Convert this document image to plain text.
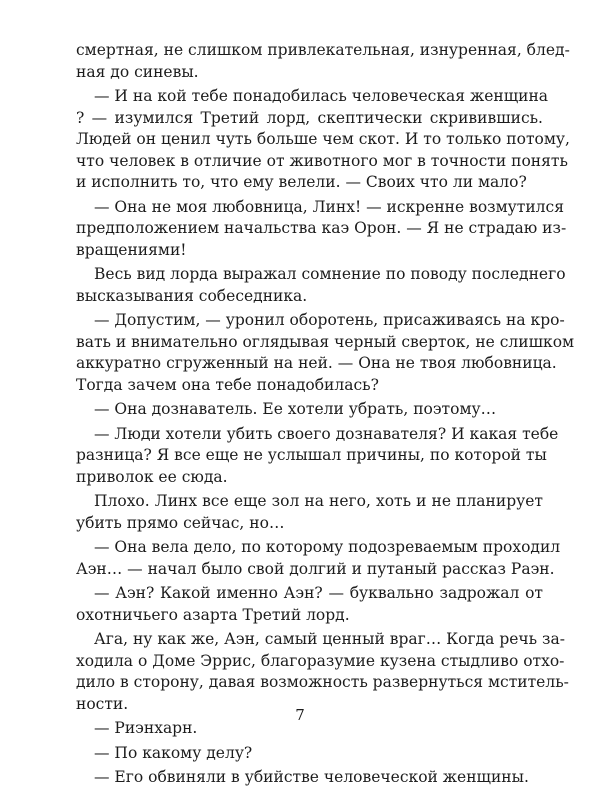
смертная, не слишком привлекательная, изнуренная, блед-
ная до синевы.
— И на кой тебе понадобилась человеческая женщина
? — изумился Третий лорд, скептически скривившись.
Людей он ценил чуть больше чем скот. И то только потому,
что человек в отличие от животного мог в точности понять
и исполнить то, что ему велели. — Своих что ли мало?
— Она не моя любовница, Линх! — искренне возмутился
предположением начальства каэ Орон. — Я не страдаю из-
вращениями!
Весь вид лорда выражал сомнение по поводу последнего
высказывания собеседника.
— Допустим, — уронил оборотень, присаживаясь на кро-
вать и внимательно оглядывая черный сверток, не слишком
аккуратно сгруженный на ней. — Она не твоя любовница.
Тогда зачем она тебе понадобилась?
— Она дознаватель. Ее хотели убрать, поэтому…
— Люди хотели убить своего дознавателя? И какая тебе
разница? Я все еще не услышал причины, по которой ты
приволок ее сюда.
Плохо. Линх все еще зол на него, хоть и не планирует
убить прямо сейчас, но…
— Она вела дело, по которому подозреваемым проходил
Аэн… — начал было свой долгий и путаный рассказ Раэн.
— Аэн? Какой именно Аэн? — буквально задрожал от
охотничьего азарта Третий лорд.
Ага, ну как же, Аэн, самый ценный враг… Когда речь за-
ходила о Доме Эррис, благоразумие кузена стыдливо отхо-
дило в сторону, давая возможность развернуться мститель-
ности.
— Риэнхарн.
— По какому делу?
— Его обвиняли в убийстве человеческой женщины.
7
